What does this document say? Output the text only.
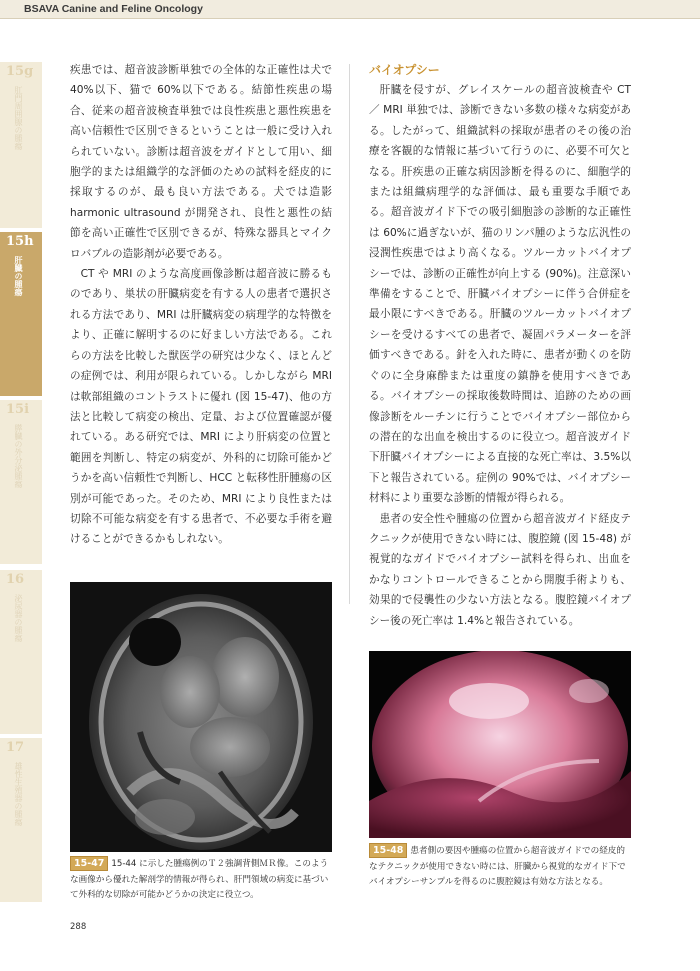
BSAVA Canine and Feline Oncology
15g
肛門周囲腺の腫瘍
15h
肝臓の腫瘍
15i
膵臓の外分泌腫瘍
16
泌尿器の腫瘍
17
雄性生殖器の腫瘍

疾患では、超音波診断単独での全体的な正確性は犬で 40%以下、猫で 60%以下である。結節性疾患の場合、従来の超音波検査単独では良性疾患と悪性疾患を高い信頼性で区別できるということは一般に受け入れられていない。診断は超音波をガイドとして用い、細胞学的または組織学的な評価のための試料を経皮的に採取するのが、最も良い方法である。犬では造影 harmonic ultrasound が開発され、良性と悪性の結節を高い正確性で区別できるが、特殊な器具とマイクロバブルの造影剤が必要である。

CT や MRI のような高度画像診断は超音波に勝るものであり、巣状の肝臓病変を有する人の患者で選択される方法であり、MRI は肝臓病変の病理学的な特徴をより、正確に解明するのに好ましい方法である。これらの方法を比較した獣医学の研究は少なく、ほとんどの症例では、利用が限られている。しかしながら MRI は軟部組織のコントラストに優れ (図 15-47)、他の方法と比較して病変の検出、定量、および位置確認が優れている。ある研究では、MRI により肝病変の位置と範囲を判断し、特定の病変が、外科的に切除可能かどうかを高い信頼性で判断し、HCC と転移性肝腫瘍の区別が可能であった。そのため、MRI により良性または切除不可能な病変を有する患者で、不必要な手術を避けることができるかもしれない。

バイオプシー

肝臓を侵すが、グレイスケールの超音波検査や CT ／ MRI 単独では、診断できない多数の様々な病変がある。したがって、組織試料の採取が患者のその後の治療を客観的な情報に基づいて行うのに、必要不可欠となる。肝疾患の正確な病因診断を得るのに、細胞学的または組織病理学的な評価は、最も重要な手順である。超音波ガイド下での吸引細胞診の診断的な正確性は 60%に過ぎないが、猫のリンパ腫のような広汎性の浸潤性疾患ではより高くなる。ツルーカットバイオプシーでは、診断の正確性が向上する (90%)。注意深い準備をすることで、肝臓バイオプシーに伴う合併症を最小限にすべきである。肝臓のツルーカットバイオプシーを受けるすべての患者で、凝固パラメーターを評価すべきである。針を入れた時に、患者が動くのを防ぐのに全身麻酔または重度の鎮静を使用すべきである。バイオプシーの採取後数時間は、追跡のための画像診断をルーチンに行うことでバイオプシー部位からの潜在的な出血を検出するのに役立つ。超音波ガイド下肝臓バイオプシーによる直接的な死亡率は、3.5%以下と報告されている。症例の 90%では、バイオプシー材料により重要な診断的情報が得られる。

患者の安全性や腫瘍の位置から超音波ガイド経皮テクニックが使用できない時には、腹腔鏡 (図 15-48) が視覚的なガイドでバイオプシー試料を得られ、出血をかなりコントロールできることから開腹手術よりも、効果的で侵襲性の少ない方法となる。腹腔鏡バイオプシー後の死亡率は 1.4%と報告されている。

15-47 15-44 に示した腫瘍例のＴ２強調背側ＭＲ像。このような画像から優れた解剖学的情報が得られ、肝門領域の病変に基づいて外科的な切除が可能かどうかの決定に役立つ。
15-48 患者側の要因や腫瘍の位置から超音波ガイドでの経皮的なテクニックが使用できない時には、肝臓から視覚的なガイド下でバイオプシーサンプルを得るのに腹腔鏡は有効な方法となる。
288
